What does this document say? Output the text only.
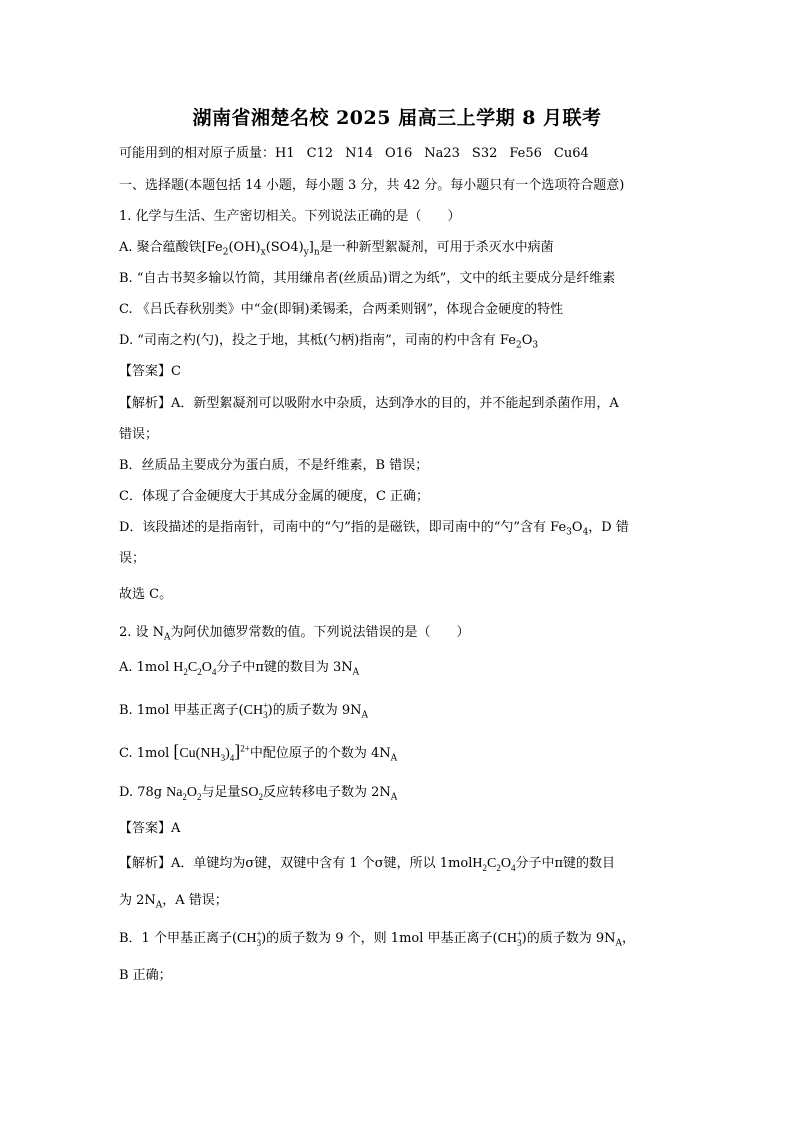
湖南省湘楚名校 2025 届高三上学期 8 月联考
可能用到的相对原子质量：H1 C12 N14 O16 Na23 S32 Fe56 Cu64
一、选择题(本题包括 14 小题，每小题 3 分，共 42 分。每小题只有一个选项符合题意)
1. 化学与生活、生产密切相关。下列说法正确的是（　　）
A. 聚合蕴酸铁$[Fe_2(OH)_x(SO4)_y]_n$是一种新型絮凝剂，可用于杀灭水中病菌
B. “自古书契多输以竹简，其用缣帛者(丝质品)谓之为纸”，文中的纸主要成分是纤维素
C. 《吕氏春秋别类》中“金(即铜)柔锡柔，合两柔则钢”，体现合金硬度的特性
D. “司南之杓(勺)，投之于地，其柢(勺柄)指南”，司南的杓中含有 $Fe_2O_3$
【答案】C
【解析】A．新型絮凝剂可以吸附水中杂质，达到净水的目的，并不能起到杀菌作用，A
错误；
B．丝质品主要成分为蛋白质，不是纤维素，B 错误；
C．体现了合金硬度大于其成分金属的硬度，C 正确；
D．该段描述的是指南针，司南中的“勺”指的是磁铁，即司南中的“勺”含有 $Fe_3O_4$，D 错
误；
故选 C。
2. 设 $N_A$为阿伏加德罗常数的值。下列说法错误的是（　　）
A. 1mol $H_2C_2O_4$分子中π键的数目为 $3N_A$
B. 1mol 甲基正离子$(CH^+_3)$的质子数为 $9N_A$
C. 1mol $[Cu(NH_3)_4]^{2+}$中配位原子的个数为 $4N_A$
D. 78g $Na_2O_2$与足量$SO_2$反应转移电子数为 $2N_A$
【答案】A
【解析】A．单键均为σ键，双键中含有 1 个σ键，所以 $1molH_2C_2O_4$分子中π键的数目
为 $2N_A$，A 错误；
B．1 个甲基正离子$(CH^+_3)$的质子数为 9 个，则 1mol 甲基正离子$(CH^+_3)$的质子数为 $9N_A$，
B 正确；
